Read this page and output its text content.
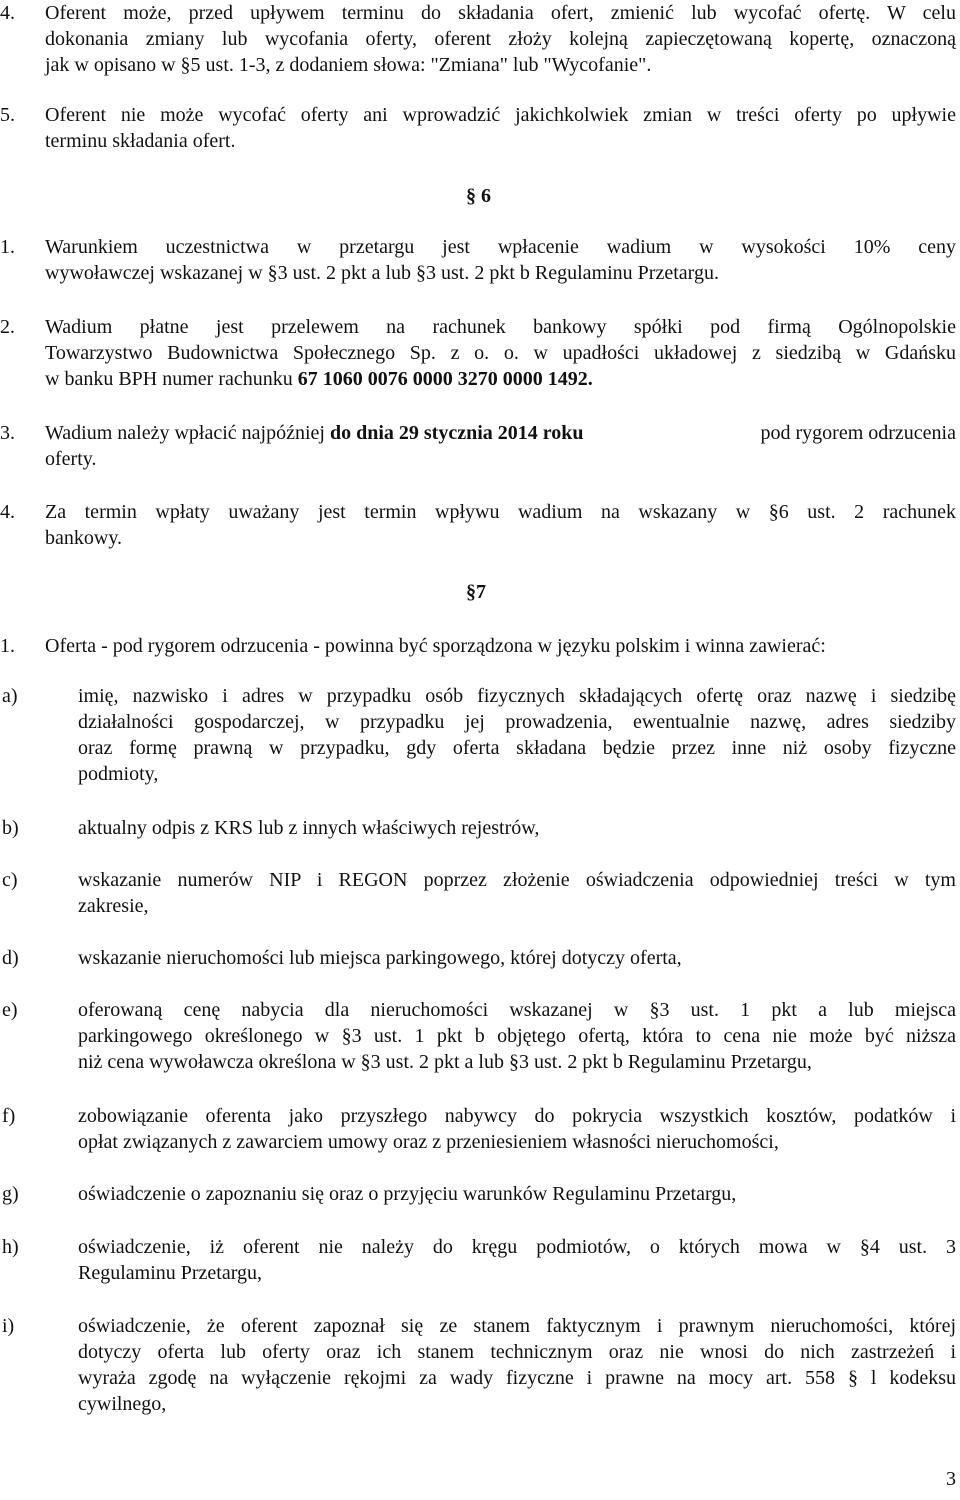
4. Oferent może, przed upływem terminu do składania ofert, zmienić lub wycofać ofertę. W celu
dokonania zmiany lub wycofania oferty, oferent złoży kolejną zapieczętowaną kopertę, oznaczoną
jak w opisano w §5 ust. 1-3, z dodaniem słowa: "Zmiana" lub "Wycofanie".
5. Oferent nie może wycofać oferty ani wprowadzić jakichkolwiek zmian w treści oferty po upływie
terminu składania ofert.
§ 6
1. Warunkiem uczestnictwa w przetargu jest wpłacenie wadium w wysokości 10% ceny
wywoławczej wskazanej w §3 ust. 2 pkt a lub §3 ust. 2 pkt b Regulaminu Przetargu.
2. Wadium płatne jest przelewem na rachunek bankowy spółki pod firmą Ogólnopolskie
Towarzystwo Budownictwa Społecznego Sp. z o. o. w upadłości układowej z siedzibą w Gdańsku
w banku BPH numer rachunku 67 1060 0076 0000 3270 0000 1492.
3. Wadium należy wpłacić najpóźniej do dnia 29 stycznia 2014 roku	pod rygorem odrzucenia
oferty.
4. Za termin wpłaty uważany jest termin wpływu wadium na wskazany w §6 ust. 2 rachunek
bankowy.
§7
1. Oferta - pod rygorem odrzucenia - powinna być sporządzona w języku polskim i winna zawierać:
a)	imię, nazwisko i adres w przypadku osób fizycznych składających ofertę oraz nazwę i siedzibę
działalności gospodarczej, w przypadku jej prowadzenia, ewentualnie nazwę, adres siedziby
oraz formę prawną w przypadku, gdy oferta składana będzie przez inne niż osoby fizyczne
podmioty,
b)	aktualny odpis z KRS lub z innych właściwych rejestrów,
c)	wskazanie numerów NIP i REGON poprzez złożenie oświadczenia odpowiedniej treści w tym
zakresie,
d)	wskazanie nieruchomości lub miejsca parkingowego, której dotyczy oferta,
e)	oferowaną cenę nabycia dla nieruchomości wskazanej w §3 ust. 1 pkt a lub miejsca
parkingowego określonego w §3 ust. 1 pkt b objętego ofertą, która to cena nie może być niższa
niż cena wywoławcza określona w §3 ust. 2 pkt a lub §3 ust. 2 pkt b Regulaminu Przetargu,
f)	zobowiązanie oferenta jako przyszłego nabywcy do pokrycia wszystkich kosztów, podatków i
opłat związanych z zawarciem umowy oraz z przeniesieniem własności nieruchomości,
g)	oświadczenie o zapoznaniu się oraz o przyjęciu warunków Regulaminu Przetargu,
h)	oświadczenie, iż oferent nie należy do kręgu podmiotów, o których mowa w §4 ust. 3
Regulaminu Przetargu,
i)	oświadczenie, że oferent zapoznał się ze stanem faktycznym i prawnym nieruchomości, której
dotyczy oferta lub oferty oraz ich stanem technicznym oraz nie wnosi do nich zastrzeżeń i
wyraża zgodę na wyłączenie rękojmi za wady fizyczne i prawne na mocy art. 558 § l kodeksu
cywilnego,
3
